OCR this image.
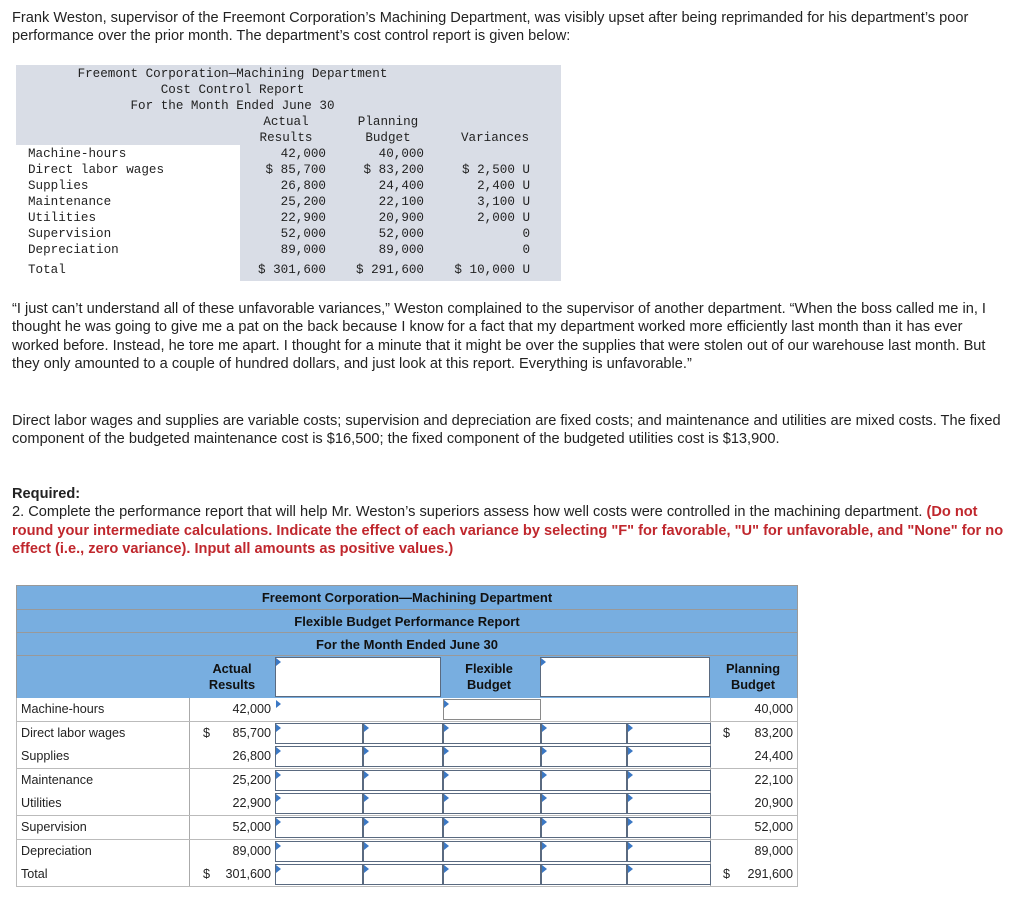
Frank Weston, supervisor of the Freemont Corporation’s Machining Department, was visibly upset after being reprimanded for his department’s poor performance over the prior month. The department’s cost control report is given below:
Freemont Corporation—Machining Department
Cost Control Report
For the Month Ended June 30
Actual
Results
Planning
Budget	Variances
Machine-hours	42,000	40,000
Direct labor wages	$ 85,700	$ 83,200	$ 2,500 U
Supplies	26,800	24,400	2,400 U
Maintenance	25,200	22,100	3,100 U
Utilities	22,900	20,900	2,000 U
Supervision	52,000	52,000	0
Depreciation	89,000	89,000	0
Total	$ 301,600	$ 291,600	$ 10,000 U
“I just can’t understand all of these unfavorable variances,” Weston complained to the supervisor of another department. “When the boss called me in, I thought he was going to give me a pat on the back because I know for a fact that my department worked more efficiently last month than it has ever worked before. Instead, he tore me apart. I thought for a minute that it might be over the supplies that were stolen out of our warehouse last month. But they only amounted to a couple of hundred dollars, and just look at this report. Everything is unfavorable.”
Direct labor wages and supplies are variable costs; supervision and depreciation are fixed costs; and maintenance and utilities are mixed costs. The fixed component of the budgeted maintenance cost is $16,500; the fixed component of the budgeted utilities cost is $13,900.
Required:
2. Complete the performance report that will help Mr. Weston’s superiors assess how well costs were controlled in the machining department. (Do not round your intermediate calculations. Indicate the effect of each variance by selecting "F" for favorable, "U" for unfavorable, and "None" for no effect (i.e., zero variance). Input all amounts as positive values.)
Freemont Corporation—Machining Department
Flexible Budget Performance Report
For the Month Ended June 30
Actual
Results
Flexible
Budget
Planning
Budget
Machine-hours	42,000	40,000
Direct labor wages	$	85,700	$	83,200
Supplies	26,800	24,400
Maintenance	25,200	22,100
Utilities	22,900	20,900
Supervision	52,000	52,000
Depreciation	89,000	89,000
Total	$	301,600	$	291,600
